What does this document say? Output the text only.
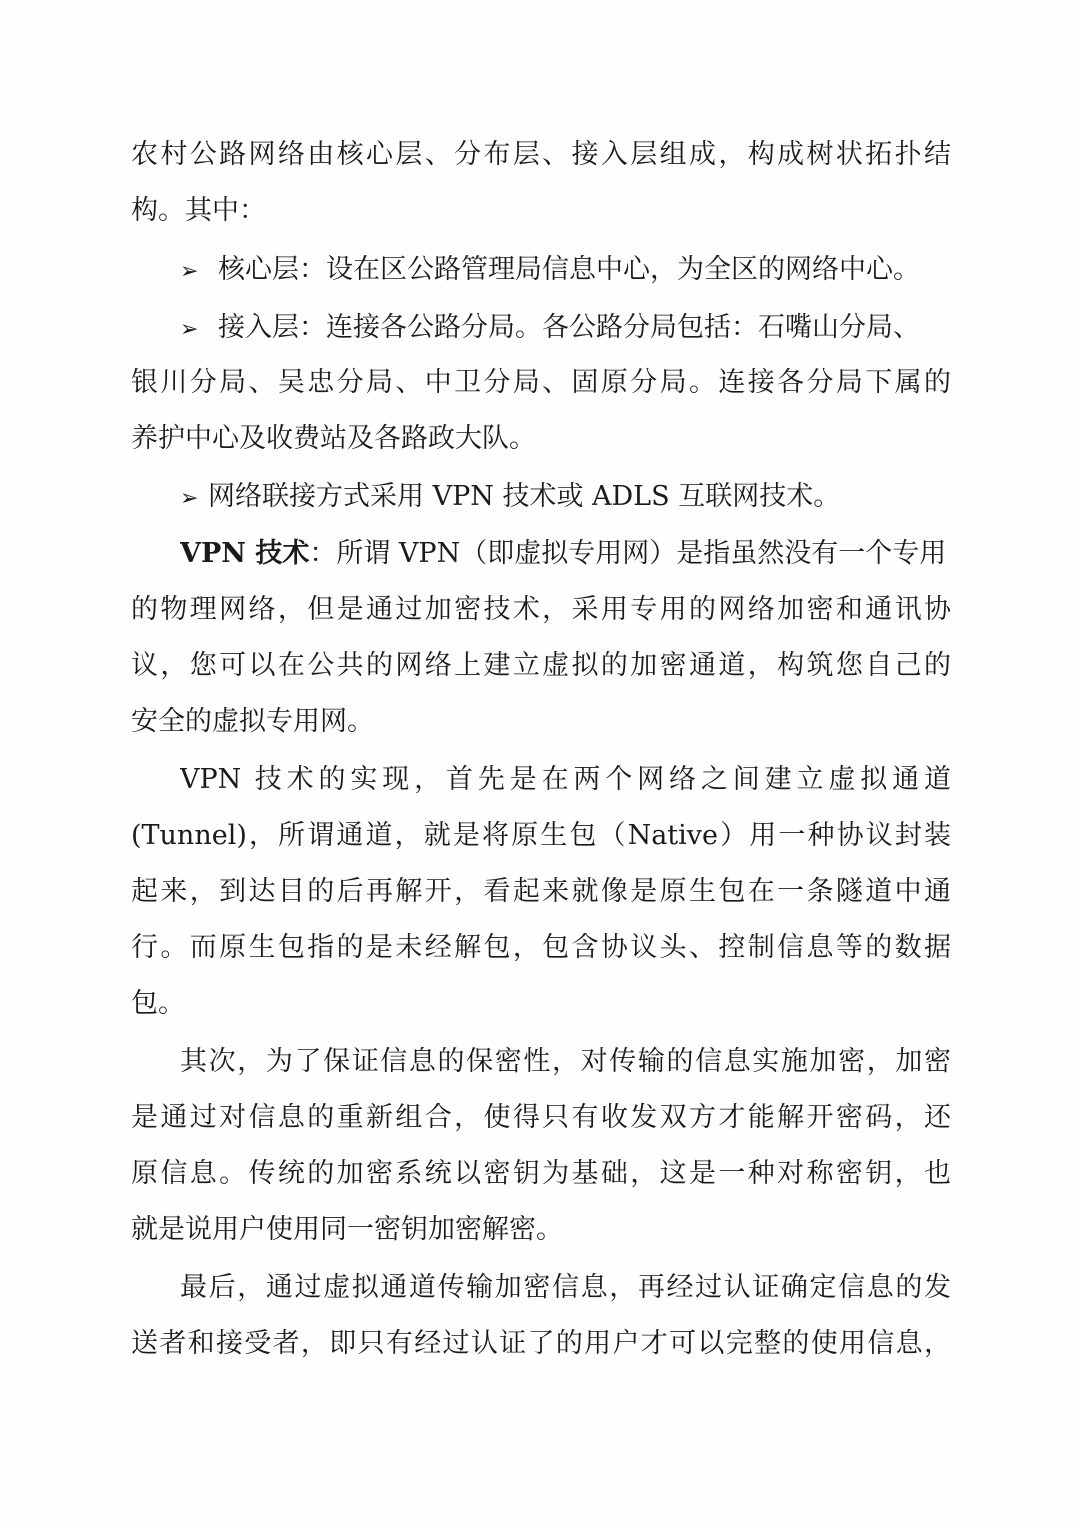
农村公路网络由核心层、分布层、接入层组成，构成树状拓扑结
构。其中：
➢ 核心层：设在区公路管理局信息中心，为全区的网络中心。
➢ 接入层：连接各公路分局。各公路分局包括：石嘴山分局、
银川分局、吴忠分局、中卫分局、固原分局。连接各分局下属的
养护中心及收费站及各路政大队。
➢ 网络联接方式采用 VPN 技术或 ADLS 互联网技术。
VPN 技术：所谓 VPN（即虚拟专用网）是指虽然没有一个专用
的物理网络，但是通过加密技术，采用专用的网络加密和通讯协
议，您可以在公共的网络上建立虚拟的加密通道，构筑您自己的
安全的虚拟专用网。
VPN 技术的实现，首先是在两个网络之间建立虚拟通道
(Tunnel)，所谓通道，就是将原生包（Native）用一种协议封装
起来，到达目的后再解开，看起来就像是原生包在一条隧道中通
行。而原生包指的是未经解包，包含协议头、控制信息等的数据
包。
其次，为了保证信息的保密性，对传输的信息实施加密，加密
是通过对信息的重新组合，使得只有收发双方才能解开密码，还
原信息。传统的加密系统以密钥为基础，这是一种对称密钥，也
就是说用户使用同一密钥加密解密。
最后，通过虚拟通道传输加密信息，再经过认证确定信息的发
送者和接受者，即只有经过认证了的用户才可以完整的使用信息，
